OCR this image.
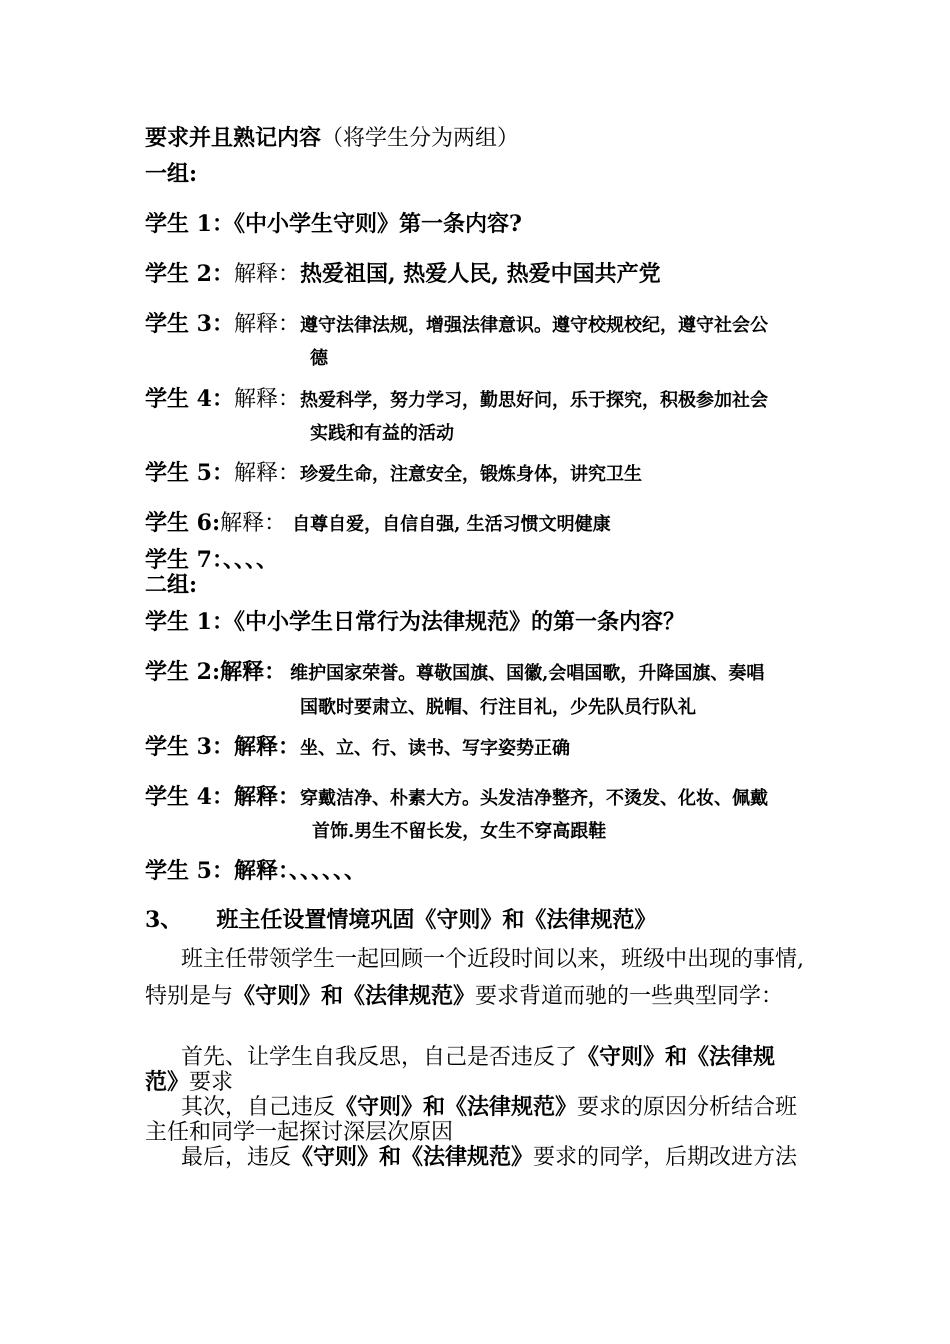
要求并且熟记内容（将学生分为两组）
一组:
学生 1：《中小学生守则》第一条内容?
学生 2：解释：热爱祖国, 热爱人民, 热爱中国共产党
学生 3：解释：遵守法律法规，增强法律意识。遵守校规校纪，遵守社会公
德
学生 4：解释：热爱科学，努力学习，勤思好问，乐于探究，积极参加社会
实践和有益的活动
学生 5：解释：珍爱生命，注意安全，锻炼身体，讲究卫生
学生 6:解释： 自尊自爱，自信自强, 生活习惯文明健康
学生 7：、、、、
二组:
学生 1：《中小学生日常行为法律规范》的第一条内容？
学生 2:解释： 维护国家荣誉。尊敬国旗、国徽,会唱国歌，升降国旗、奏唱
国歌时要肃立、脱帽、行注目礼，少先队员行队礼
学生 3：解释：坐、立、行、读书、写字姿势正确
学生 4：解释：穿戴洁净、朴素大方。头发洁净整齐，不烫发、化妆、佩戴
首饰.男生不留长发，女生不穿高跟鞋
学生 5：解释：、、、、、、
3、 班主任设置情境巩固《守则》和《法律规范》
班主任带领学生一起回顾一个近段时间以来，班级中出现的事情,特别是与《守则》和《法律规范》要求背道而驰的一些典型同学：
首先、让学生自我反思，自己是否违反了《守则》和《法律规范》要求
其次，自己违反《守则》和《法律规范》要求的原因分析结合班主任和同学一起探讨深层次原因
最后，违反《守则》和《法律规范》要求的同学，后期改进方法
